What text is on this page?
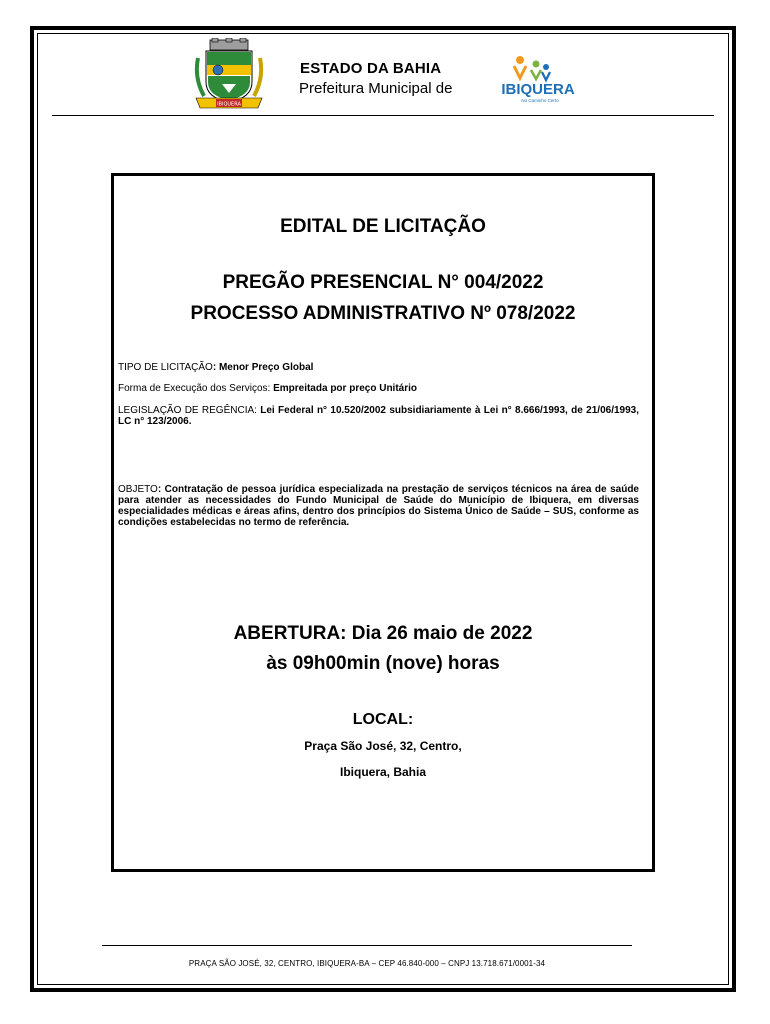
IBIQUERA
ESTADO DA BAHIA
Prefeitura Municipal de	IBIQUERA
No Caminho Certo
EDITAL DE LICITAÇÃO
PREGÃO PRESENCIAL N° 004/2022
PROCESSO ADMINISTRATIVO Nº 078/2022
TIPO DE LICITAÇÃO: Menor Preço Global
Forma de Execução dos Serviços: Empreitada por preço Unitário
LEGISLAÇÃO DE REGÊNCIA: Lei Federal n° 10.520/2002 subsidiariamente à Lei n° 8.666/1993, de 21/06/1993, LC n° 123/2006.
OBJETO: Contratação de pessoa jurídica especializada na prestação de serviços técnicos na área de saúde para atender as necessidades do Fundo Municipal de Saúde do Município de Ibiquera, em diversas especialidades médicas e áreas afins, dentro dos princípios do Sistema Único de Saúde – SUS, conforme as condições estabelecidas no termo de referência.
ABERTURA: Dia 26 maio de 2022
às 09h00min (nove) horas
LOCAL:
Praça São José, 32, Centro,
Ibiquera, Bahia
PRAÇA SÃO JOSÉ, 32, CENTRO, IBIQUERA-BA – CEP 46.840-000 – CNPJ 13.718.671/0001-34
